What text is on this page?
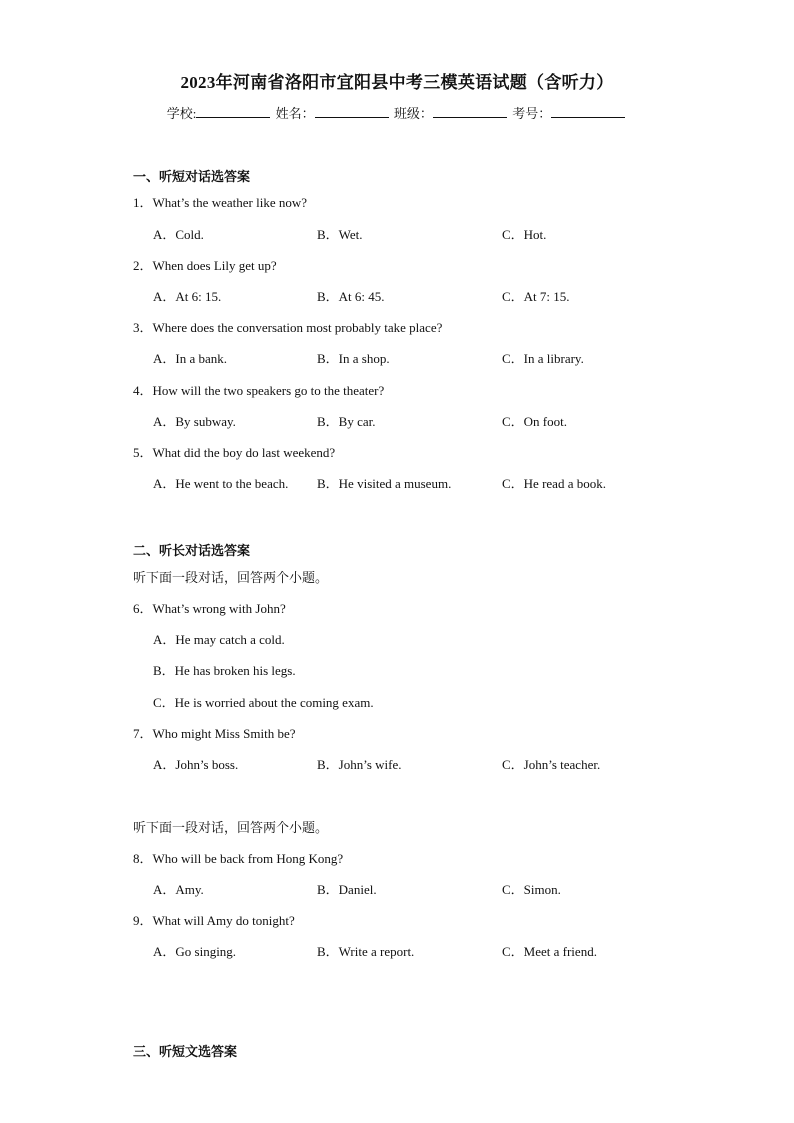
2023年河南省洛阳市宜阳县中考三模英语试题（含听力）
学校:	姓名：	班级：	考号：
一、听短对话选答案
1．What’s the weather like now?
A．Cold.	B．Wet.	C．Hot.
2．When does Lily get up?
A．At 6: 15.	B．At 6: 45.	C．At 7: 15.
3．Where does the conversation most probably take place?
A．In a bank.	B．In a shop.	C．In a library.
4．How will the two speakers go to the theater?
A．By subway.	B．By car.	C．On foot.
5．What did the boy do last weekend?
A．He went to the beach. B．He visited a museum.	C．He read a book.
二、听长对话选答案
听下面一段对话，回答两个小题。
6．What’s wrong with John?
A．He may catch a cold.
B．He has broken his legs.
C．He is worried about the coming exam.
7．Who might Miss Smith be?
A．John’s boss.	B．John’s wife.	C．John’s teacher.
听下面一段对话，回答两个小题。
8．Who will be back from Hong Kong?
A．Amy.	B．Daniel.	C．Simon.
9．What will Amy do tonight?
A．Go singing.	B．Write a report.	C．Meet a friend.
三、听短文选答案
